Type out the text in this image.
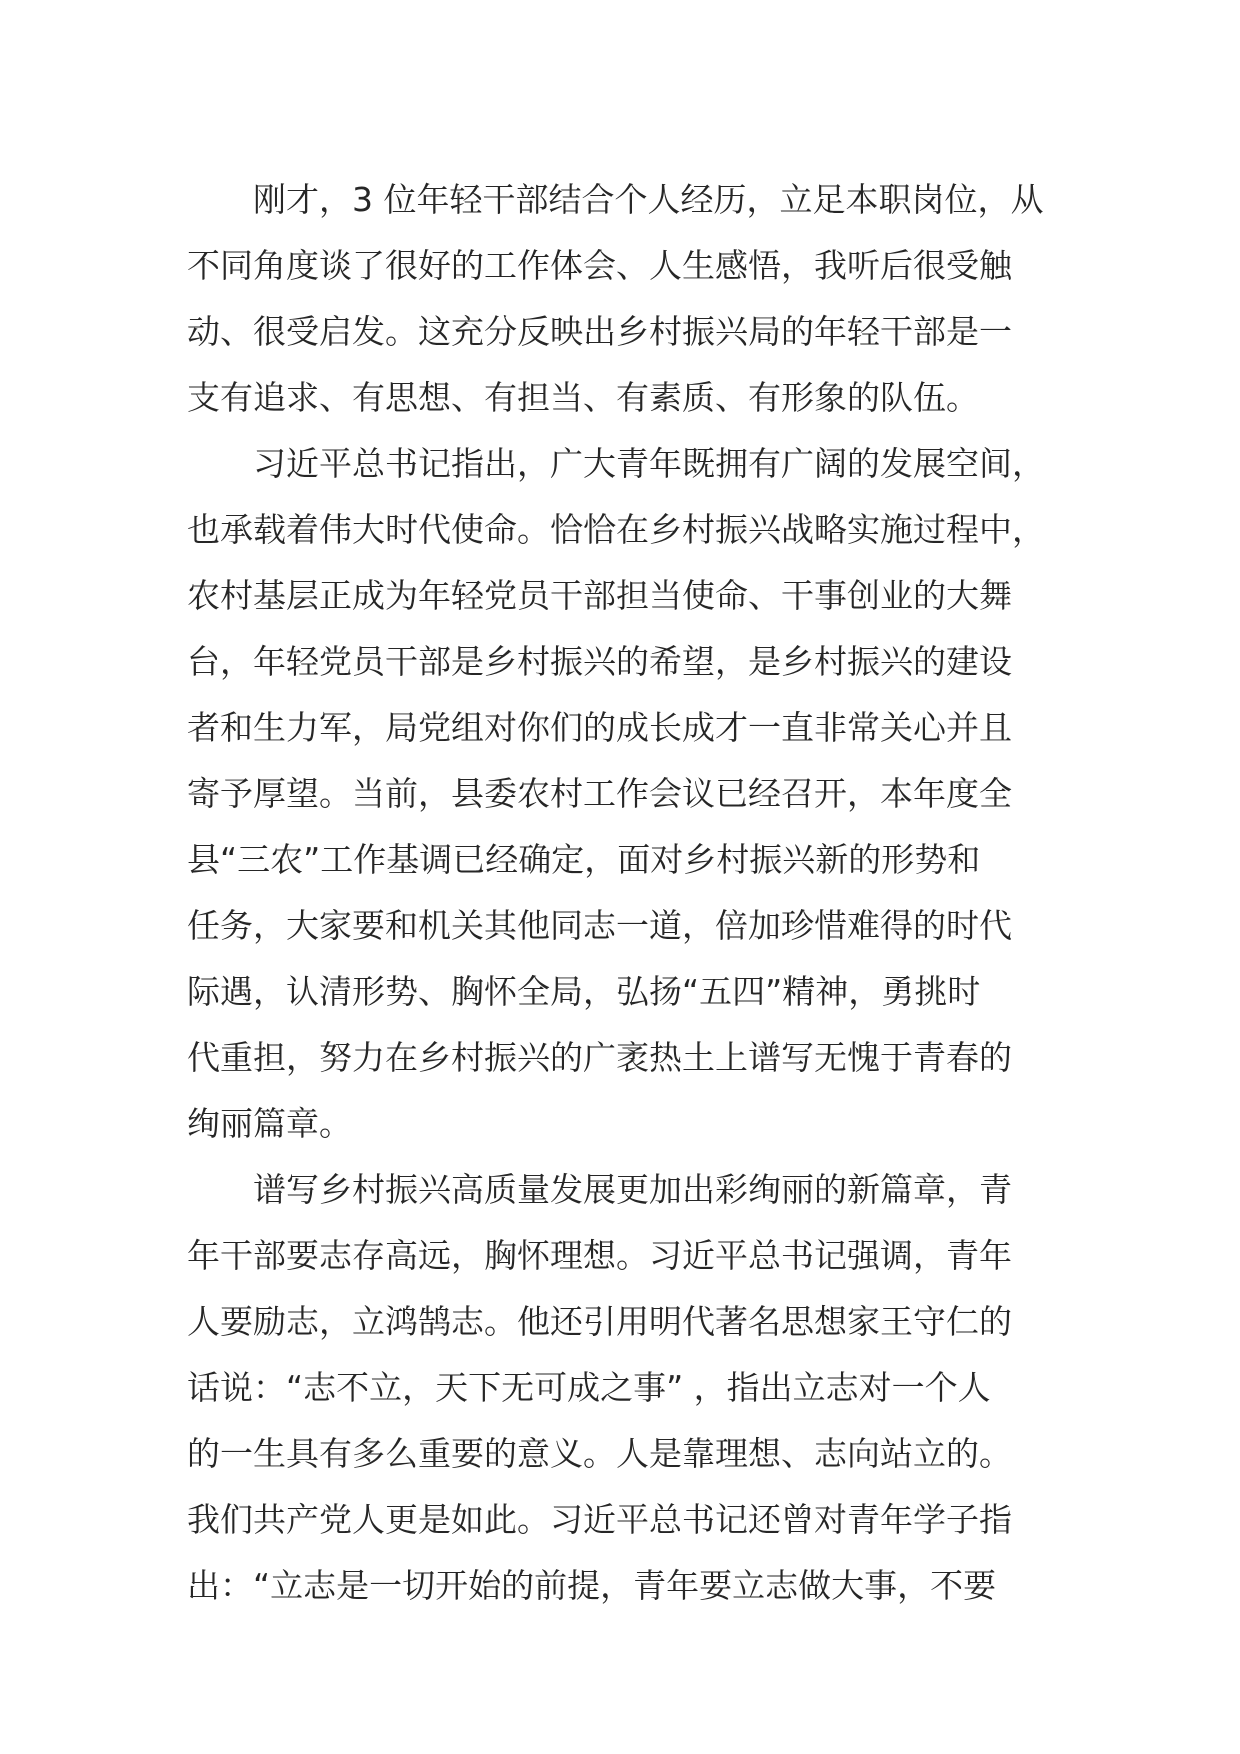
刚才，3 位年轻干部结合个人经历，立足本职岗位，从
不同角度谈了很好的工作体会、人生感悟，我听后很受触
动、很受启发。这充分反映出乡村振兴局的年轻干部是一
支有追求、有思想、有担当、有素质、有形象的队伍。
习近平总书记指出，广大青年既拥有广阔的发展空间，
也承载着伟大时代使命。恰恰在乡村振兴战略实施过程中，
农村基层正成为年轻党员干部担当使命、干事创业的大舞
台，年轻党员干部是乡村振兴的希望，是乡村振兴的建设
者和生力军，局党组对你们的成长成才一直非常关心并且
寄予厚望。当前，县委农村工作会议已经召开，本年度全
县“三农”工作基调已经确定，面对乡村振兴新的形势和
任务，大家要和机关其他同志一道，倍加珍惜难得的时代
际遇，认清形势、胸怀全局，弘扬“五四”精神，勇挑时
代重担，努力在乡村振兴的广袤热土上谱写无愧于青春的
绚丽篇章。
谱写乡村振兴高质量发展更加出彩绚丽的新篇章，青
年干部要志存高远，胸怀理想。习近平总书记强调，青年
人要励志，立鸿鹄志。他还引用明代著名思想家王守仁的
话说：“志不立，天下无可成之事” ，指出立志对一个人
的一生具有多么重要的意义。人是靠理想、志向站立的。
我们共产党人更是如此。习近平总书记还曾对青年学子指
出：“立志是一切开始的前提，青年要立志做大事，不要
